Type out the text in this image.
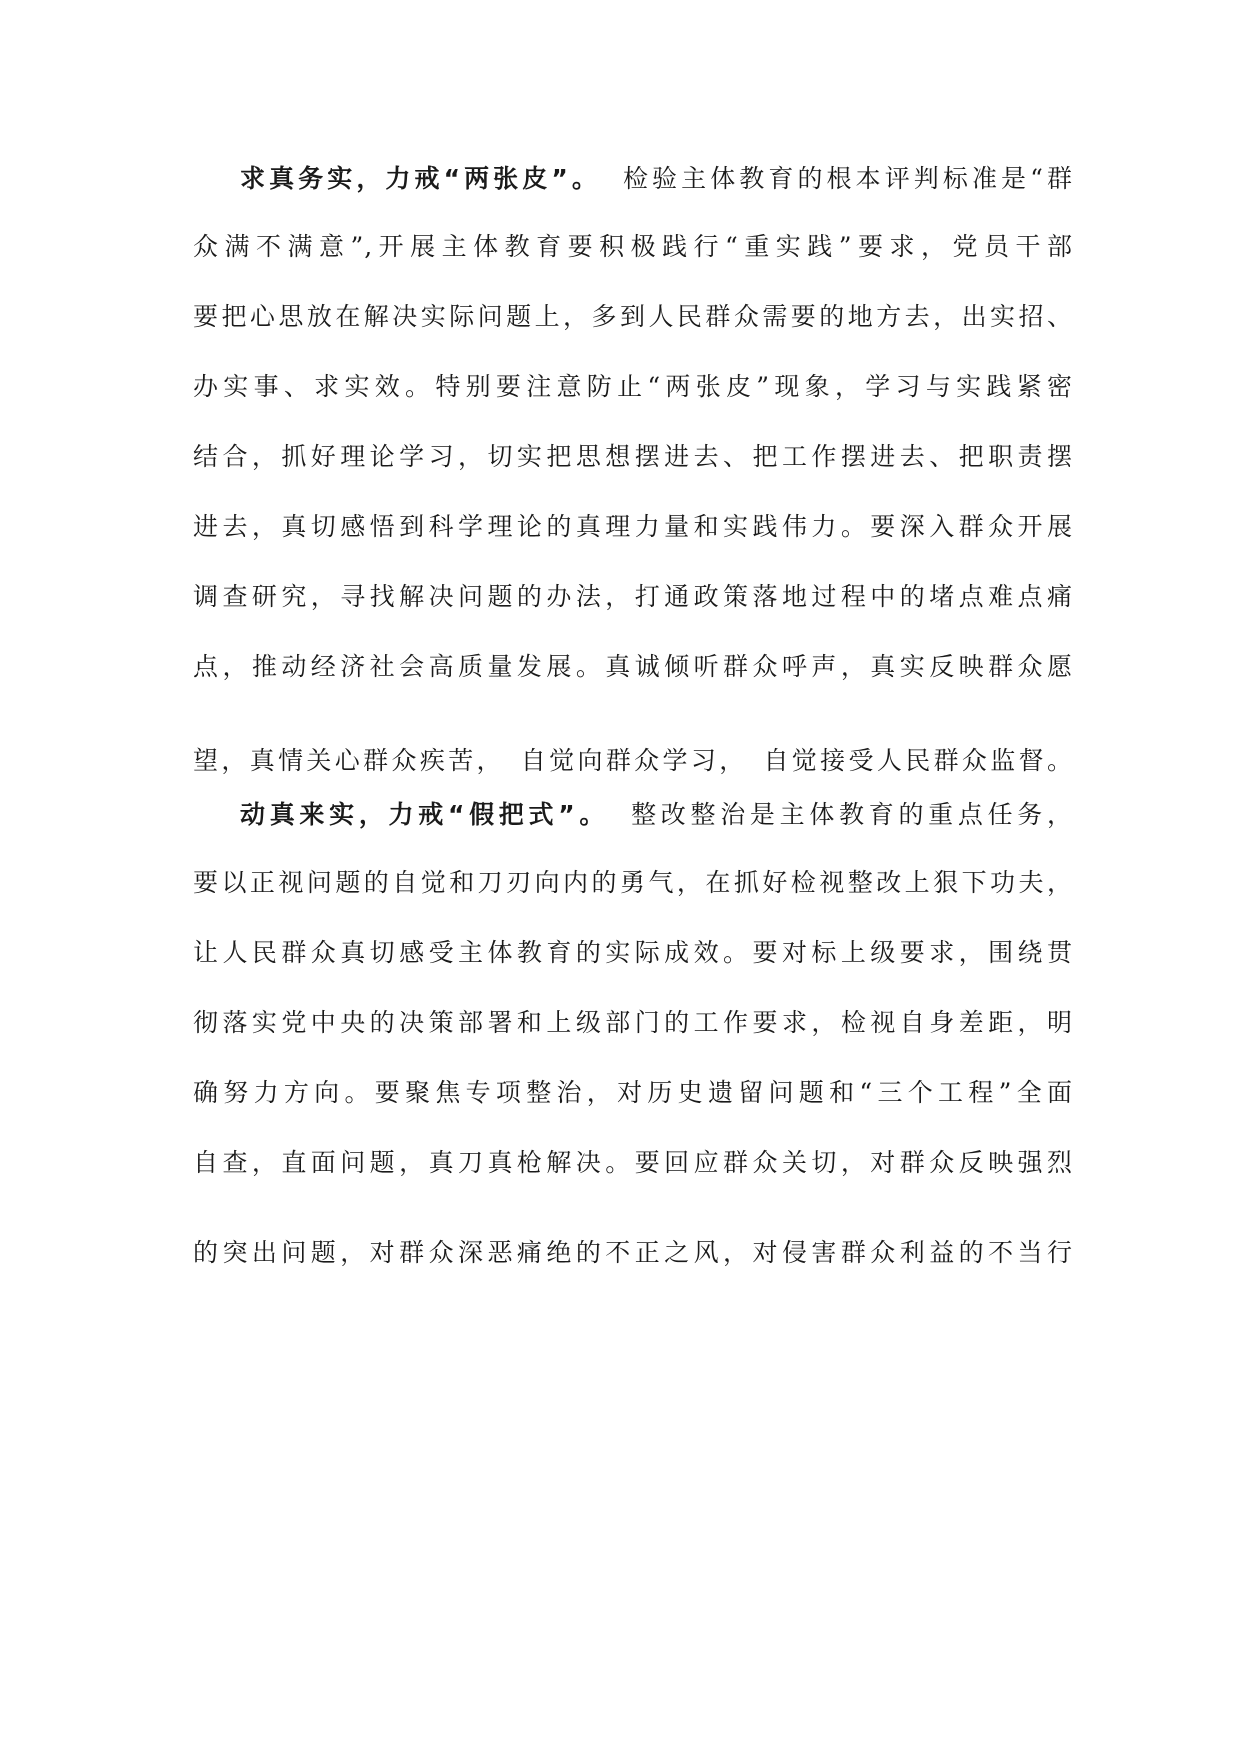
求真务实，力戒“两张皮”。 检验主体教育的根本评判标准是“群
众满不满意”,开展主体教育要积极践行“重实践”要求，党员干部
要把心思放在解决实际问题上，多到人民群众需要的地方去，出实招、
办实事、求实效。特别要注意防止“两张皮”现象，学习与实践紧密
结合，抓好理论学习，切实把思想摆进去、把工作摆进去、把职责摆
进去，真切感悟到科学理论的真理力量和实践伟力。要深入群众开展
调查研究，寻找解决问题的办法，打通政策落地过程中的堵点难点痛
点，推动经济社会高质量发展。真诚倾听群众呼声，真实反映群众愿
望，真情关心群众疾苦，　自觉向群众学习，　自觉接受人民群众监督。
动真来实，力戒“假把式”。 整改整治是主体教育的重点任务，
要以正视问题的自觉和刀刃向内的勇气，在抓好检视整改上狠下功夫，
让人民群众真切感受主体教育的实际成效。要对标上级要求，围绕贯
彻落实党中央的决策部署和上级部门的工作要求，检视自身差距，明
确努力方向。要聚焦专项整治，对历史遗留问题和“三个工程”全面
自查，直面问题，真刀真枪解决。要回应群众关切，对群众反映强烈
的突出问题，对群众深恶痛绝的不正之风，对侵害群众利益的不当行
